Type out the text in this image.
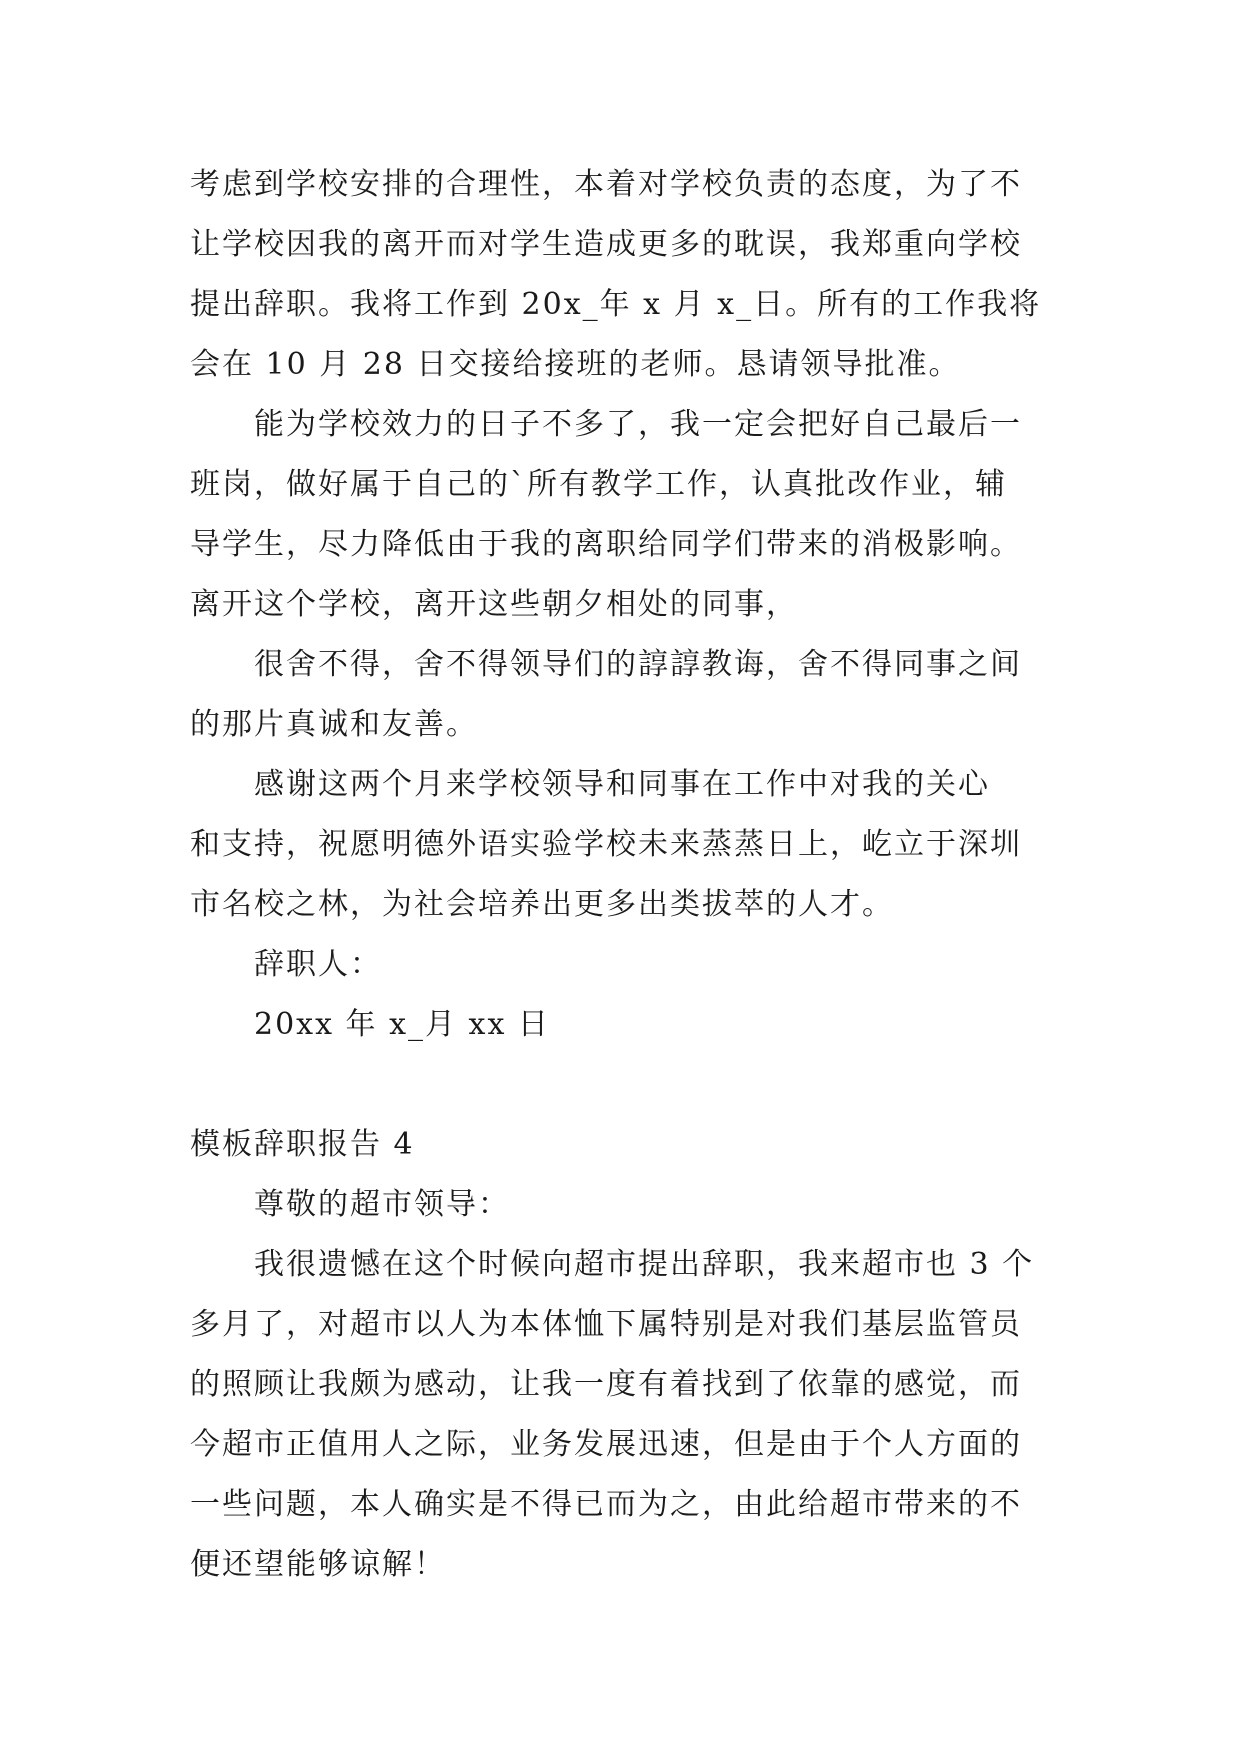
考虑到学校安排的合理性，本着对学校负责的态度，为了不

让学校因我的离开而对学生造成更多的耽误，我郑重向学校

提出辞职。我将工作到 20x_年 x 月 x_日。所有的工作我将

会在 10 月 28 日交接给接班的老师。恳请领导批准。

能为学校效力的日子不多了，我一定会把好自己最后一

班岗，做好属于自己的`所有教学工作，认真批改作业，辅

导学生，尽力降低由于我的离职给同学们带来的消极影响。

离开这个学校，离开这些朝夕相处的同事，

很舍不得，舍不得领导们的諄諄教诲，舍不得同事之间

的那片真诚和友善。

感谢这两个月来学校领导和同事在工作中对我的关心

和支持，祝愿明德外语实验学校未来蒸蒸日上，屹立于深圳

市名校之林，为社会培养出更多出类拔萃的人才。

辞职人：

20xx 年 x_月 xx 日

模板辞职报告 4

尊敬的超市领导：

我很遗憾在这个时候向超市提出辞职，我来超市也 3 个

多月了，对超市以人为本体恤下属特别是对我们基层监管员

的照顾让我颇为感动，让我一度有着找到了依靠的感觉，而

今超市正值用人之际，业务发展迅速，但是由于个人方面的

一些问题，本人确实是不得已而为之，由此给超市带来的不

便还望能够谅解！
